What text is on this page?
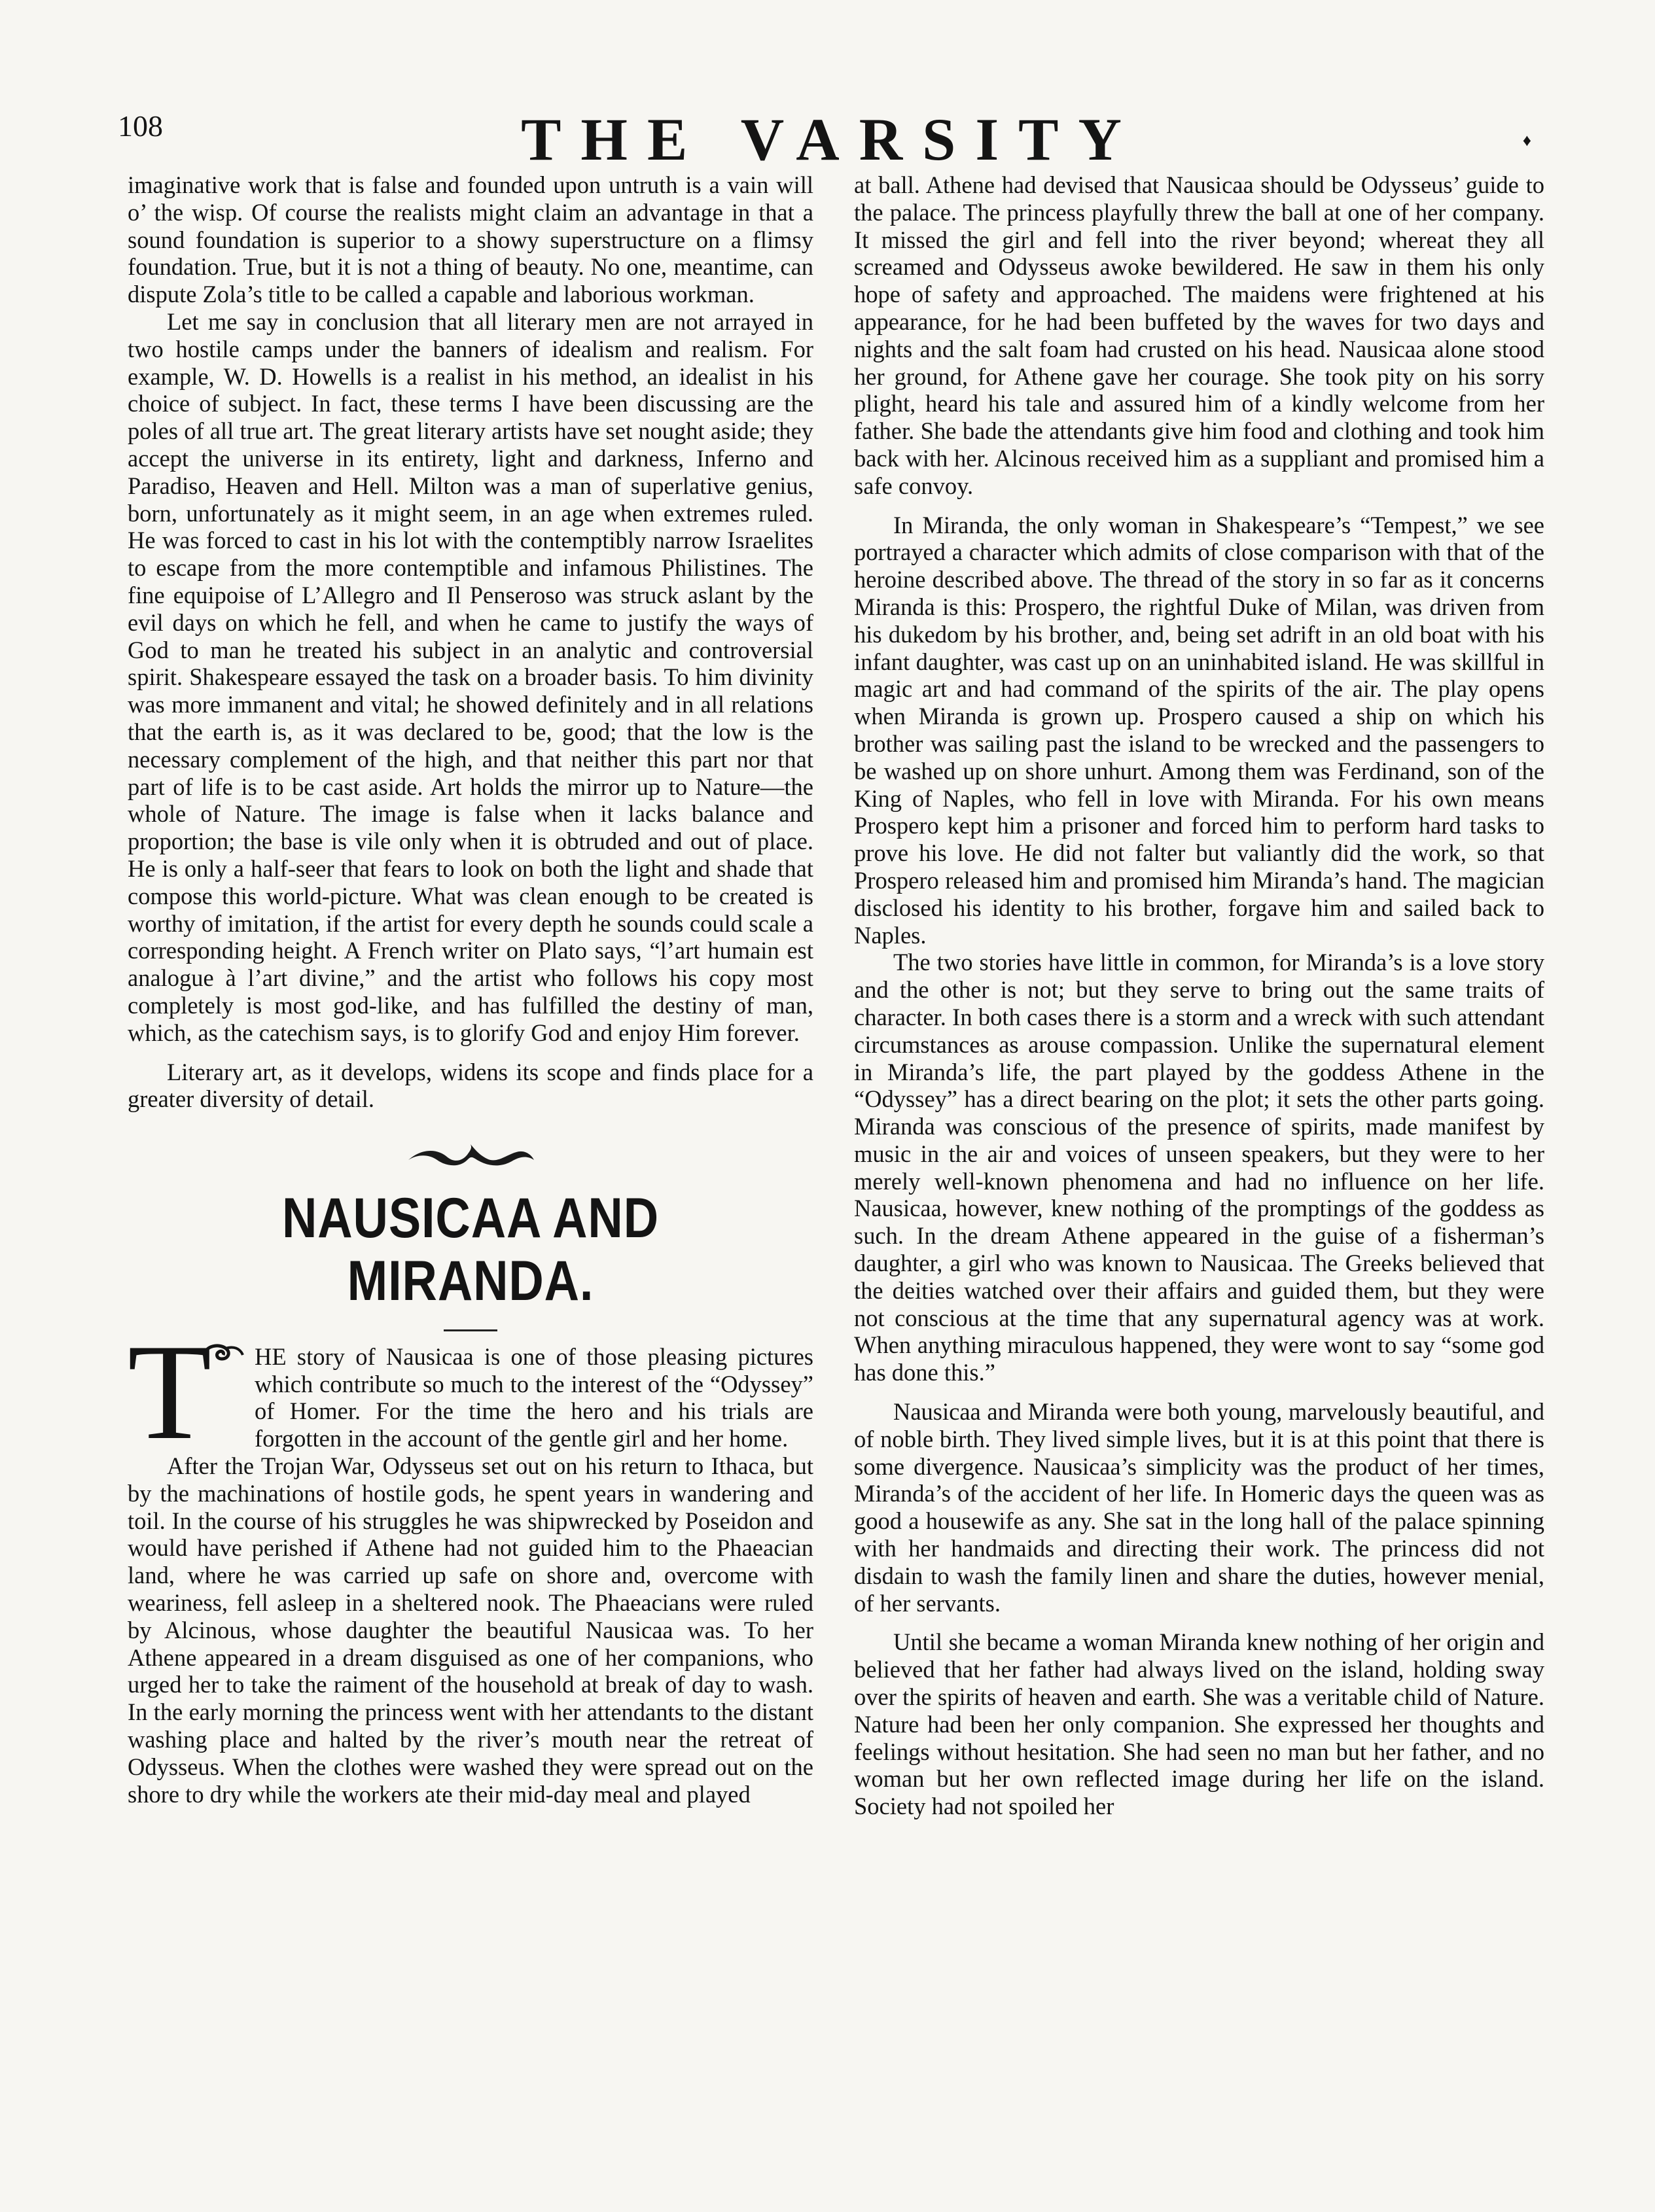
108	THE VARSITY	♦

imaginative work that is false and founded upon untruth is a vain will o’ the wisp. Of course the realists might claim an advantage in that a sound foundation is superior to a showy superstructure on a flimsy foundation. True, but it is not a thing of beauty. No one, meantime, can dispute Zola’s title to be called a capable and laborious workman.

Let me say in conclusion that all literary men are not arrayed in two hostile camps under the banners of idealism and realism. For example, W. D. Howells is a realist in his method, an idealist in his choice of subject. In fact, these terms I have been discussing are the poles of all true art. The great literary artists have set nought aside; they accept the universe in its entirety, light and darkness, Inferno and Paradiso, Heaven and Hell. Milton was a man of superlative genius, born, unfortunately as it might seem, in an age when extremes ruled. He was forced to cast in his lot with the contemptibly narrow Israelites to escape from the more contemptible and infamous Philistines. The fine equipoise of L’Allegro and Il Penseroso was struck aslant by the evil days on which he fell, and when he came to justify the ways of God to man he treated his subject in an analytic and controversial spirit. Shakespeare essayed the task on a broader basis. To him divinity was more immanent and vital; he showed definitely and in all relations that the earth is, as it was declared to be, good; that the low is the necessary complement of the high, and that neither this part nor that part of life is to be cast aside. Art holds the mirror up to Nature—the whole of Nature. The image is false when it lacks balance and proportion; the base is vile only when it is obtruded and out of place. He is only a half-seer that fears to look on both the light and shade that compose this world-picture. What was clean enough to be created is worthy of imitation, if the artist for every depth he sounds could scale a corresponding height. A French writer on Plato says, “l’art humain est analogue à l’art divine,” and the artist who follows his copy most completely is most god-like, and has fulfilled the destiny of man, which, as the catechism says, is to glorify God and enjoy Him forever.

Literary art, as it develops, widens its scope and finds place for a greater diversity of detail.

NAUSICAA AND MIRANDA.
T	HE story of Nausicaa is one of those pleasing pictures which contribute so much to the interest of the “Odyssey” of Homer. For the time the hero and his trials are forgotten in the account of the gentle girl and her home.

After the Trojan War, Odysseus set out on his return to Ithaca, but by the machinations of hostile gods, he spent years in wandering and toil. In the course of his struggles he was shipwrecked by Poseidon and would have perished if Athene had not guided him to the Phaeacian land, where he was carried up safe on shore and, overcome with weariness, fell asleep in a sheltered nook. The Phaeacians were ruled by Alcinous, whose daughter the beautiful Nausicaa was. To her Athene appeared in a dream disguised as one of her companions, who urged her to take the raiment of the household at break of day to wash. In the early morning the princess went with her attendants to the distant washing place and halted by the river’s mouth near the retreat of Odysseus. When the clothes were washed they were spread out on the shore to dry while the workers ate their mid-day meal and played

at ball. Athene had devised that Nausicaa should be Odysseus’ guide to the palace. The princess playfully threw the ball at one of her company. It missed the girl and fell into the river beyond; whereat they all screamed and Odysseus awoke bewildered. He saw in them his only hope of safety and approached. The maidens were frightened at his appearance, for he had been buffeted by the waves for two days and nights and the salt foam had crusted on his head. Nausicaa alone stood her ground, for Athene gave her courage. She took pity on his sorry plight, heard his tale and assured him of a kindly welcome from her father. She bade the attendants give him food and clothing and took him back with her. Alcinous received him as a suppliant and promised him a safe convoy.

In Miranda, the only woman in Shakespeare’s “Tempest,” we see portrayed a character which admits of close comparison with that of the heroine described above. The thread of the story in so far as it concerns Miranda is this: Prospero, the rightful Duke of Milan, was driven from his dukedom by his brother, and, being set adrift in an old boat with his infant daughter, was cast up on an uninhabited island. He was skillful in magic art and had command of the spirits of the air. The play opens when Miranda is grown up. Prospero caused a ship on which his brother was sailing past the island to be wrecked and the passengers to be washed up on shore unhurt. Among them was Ferdinand, son of the King of Naples, who fell in love with Miranda. For his own means Prospero kept him a prisoner and forced him to perform hard tasks to prove his love. He did not falter but valiantly did the work, so that Prospero released him and promised him Miranda’s hand. The magician disclosed his identity to his brother, forgave him and sailed back to Naples.

The two stories have little in common, for Miranda’s is a love story and the other is not; but they serve to bring out the same traits of character. In both cases there is a storm and a wreck with such attendant circumstances as arouse compassion. Unlike the supernatural element in Miranda’s life, the part played by the goddess Athene in the “Odyssey” has a direct bearing on the plot; it sets the other parts going. Miranda was conscious of the presence of spirits, made manifest by music in the air and voices of unseen speakers, but they were to her merely well-known phenomena and had no influence on her life. Nausicaa, however, knew nothing of the promptings of the goddess as such. In the dream Athene appeared in the guise of a fisherman’s daughter, a girl who was known to Nausicaa. The Greeks believed that the deities watched over their affairs and guided them, but they were not conscious at the time that any supernatural agency was at work. When anything miraculous happened, they were wont to say “some god has done this.”

Nausicaa and Miranda were both young, marvelously beautiful, and of noble birth. They lived simple lives, but it is at this point that there is some divergence. Nausicaa’s simplicity was the product of her times, Miranda’s of the accident of her life. In Homeric days the queen was as good a housewife as any. She sat in the long hall of the palace spinning with her handmaids and directing their work. The princess did not disdain to wash the family linen and share the duties, however menial, of her servants.

Until she became a woman Miranda knew nothing of her origin and believed that her father had always lived on the island, holding sway over the spirits of heaven and earth. She was a veritable child of Nature. Nature had been her only companion. She expressed her thoughts and feelings without hesitation. She had seen no man but her father, and no woman but her own reflected image during her life on the island. Society had not spoiled her
